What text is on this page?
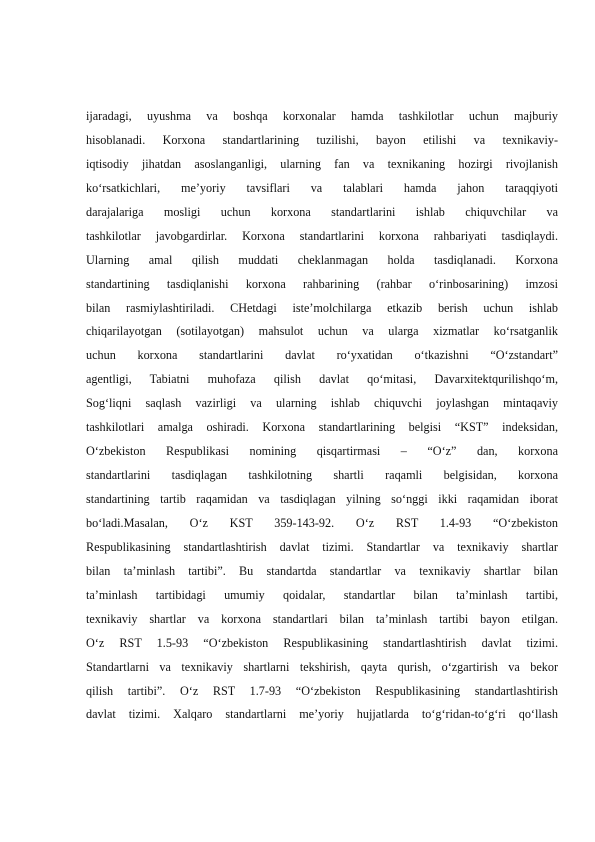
ijaradagi, uyushma va boshqa korxonalar hamda tashkilotlar uchun majburiy
hisoblanadi. Korxona standartlarining tuzilishi, bayon etilishi va texnikaviy-
iqtisodiy jihatdan asoslanganligi, ularning fan va texnikaning hozirgi rivojlanish
ko‘rsatkichlari, me’yoriy tavsiflari va talablari hamda jahon taraqqiyoti
darajalariga mosligi uchun korxona standartlarini ishlab chiquvchilar va
tashkilotlar javobgardirlar. Korxona standartlarini korxona rahbariyati tasdiqlaydi.
Ularning amal qilish muddati cheklanmagan holda tasdiqlanadi. Korxona
standartining tasdiqlanishi korxona rahbarining (rahbar o‘rinbosarining) imzosi
bilan rasmiylashtiriladi. CHetdagi iste’molchilarga etkazib berish uchun ishlab
chiqarilayotgan (sotilayotgan) mahsulot uchun va ularga xizmatlar ko‘rsatganlik
uchun korxona standartlarini davlat ro‘yxatidan o‘tkazishni “O‘zstandart”
agentligi, Tabiatni muhofaza qilish davlat qo‘mitasi, Davarxitektqurilishqo‘m,
Sog‘liqni saqlash vazirligi va ularning ishlab chiquvchi joylashgan mintaqaviy
tashkilotlari amalga oshiradi. Korxona standartlarining belgisi “KST” indeksidan,
O‘zbekiston Respublikasi nomining qisqartirmasi – “O‘z” dan, korxona
standartlarini tasdiqlagan tashkilotning shartli raqamli belgisidan, korxona
standartining tartib raqamidan va tasdiqlagan yilning so‘nggi ikki raqamidan iborat
bo‘ladi.Masalan, O‘z KST 359-143-92. O‘z RST 1.4-93 “O‘zbekiston
Respublikasining standartlashtirish davlat tizimi. Standartlar va texnikaviy shartlar
bilan ta’minlash tartibi”. Bu standartda standartlar va texnikaviy shartlar bilan
ta’minlash tartibidagi umumiy qoidalar, standartlar bilan ta’minlash tartibi,
texnikaviy shartlar va korxona standartlari bilan ta’minlash tartibi bayon etilgan.
O‘z RST 1.5-93 “O‘zbekiston Respublikasining standartlashtirish davlat tizimi.
Standartlarni va texnikaviy shartlarni tekshirish, qayta qurish, o‘zgartirish va bekor
qilish tartibi”. O‘z RST 1.7-93 “O‘zbekiston Respublikasining standartlashtirish
davlat tizimi. Xalqaro standartlarni me’yoriy hujjatlarda to‘g‘ridan-to‘g‘ri qo‘llash
